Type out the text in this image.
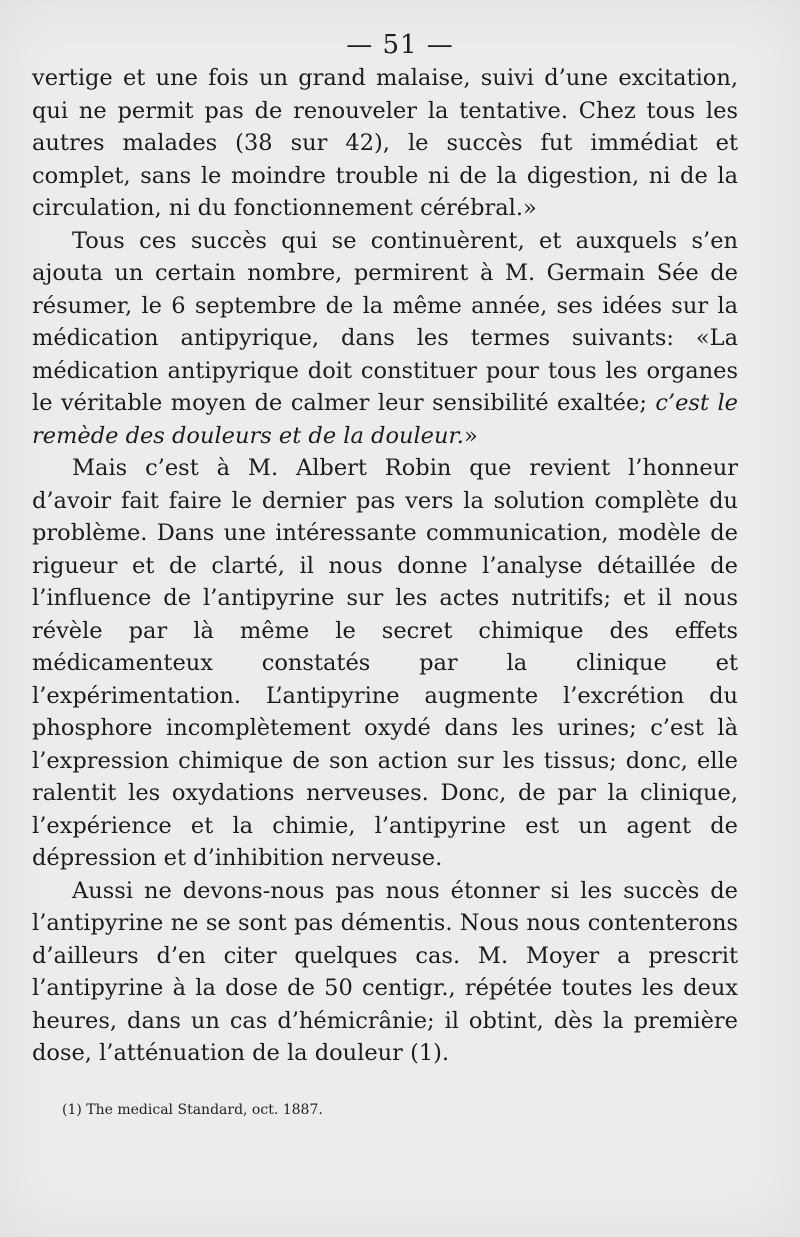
— 51 —

vertige et une fois un grand malaise, suivi d’une excitation, qui ne permit pas de renouveler la tentative. Chez tous les autres malades (38 sur 42), le succès fut immédiat et complet, sans le moindre trouble ni de la digestion, ni de la circulation, ni du fonctionnement cérébral.»

Tous ces succès qui se continuèrent, et auxquels s’en ajouta un certain nombre, permirent à M. Germain Sée de résumer, le 6 septembre de la même année, ses idées sur la médication antipyrique, dans les termes suivants: «La médication antipyrique doit constituer pour tous les organes le véritable moyen de calmer leur sensibilité exaltée; c’est le remède des douleurs et de la douleur.»

Mais c’est à M. Albert Robin que revient l’honneur d’avoir fait faire le dernier pas vers la solution complète du problème. Dans une intéressante communication, modèle de rigueur et de clarté, il nous donne l’analyse détaillée de l’influence de l’antipyrine sur les actes nutritifs; et il nous révèle par là même le secret chimique des effets médicamenteux constatés par la clinique et l’expérimentation. L’antipyrine augmente l’excrétion du phosphore incomplètement oxydé dans les urines; c’est là l’expression chimique de son action sur les tissus; donc, elle ralentit les oxydations nerveuses. Donc, de par la clinique, l’expérience et la chimie, l’antipyrine est un agent de dépression et d’inhibition nerveuse.

Aussi ne devons-nous pas nous étonner si les succès de l’antipyrine ne se sont pas démentis. Nous nous contenterons d’ailleurs d’en citer quelques cas. M. Moyer a prescrit l’antipyrine à la dose de 50 centigr., répétée toutes les deux heures, dans un cas d’hémicrânie; il obtint, dès la première dose, l’atténuation de la douleur (1).

(1) The medical Standard, oct. 1887.
